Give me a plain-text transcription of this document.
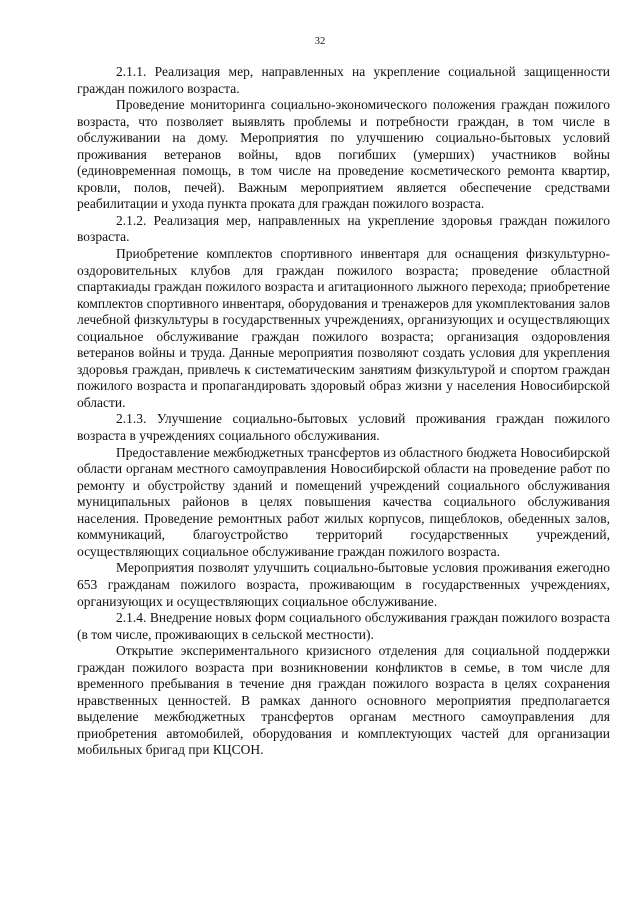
32

2.1.1. Реализация мер, направленных на укрепление социальной защищенности граждан пожилого возраста.

Проведение мониторинга социально-экономического положения граждан пожилого возраста, что позволяет выявлять проблемы и потребности граждан, в том числе в обслуживании на дому. Мероприятия по улучшению социально-бытовых условий проживания ветеранов войны, вдов погибших (умерших) участников войны (единовременная помощь, в том числе на проведение косметического ремонта квартир, кровли, полов, печей). Важным мероприятием является обеспечение средствами реабилитации и ухода пункта проката для граждан пожилого возраста.

2.1.2. Реализация мер, направленных на укрепление здоровья граждан пожилого возраста.

Приобретение комплектов спортивного инвентаря для оснащения физкультурно-оздоровительных клубов для граждан пожилого возраста; проведение областной спартакиады граждан пожилого возраста и агитационного лыжного перехода; приобретение комплектов спортивного инвентаря, оборудования и тренажеров для укомплектования залов лечебной физкультуры в государственных учреждениях, организующих и осуществляющих социальное обслуживание граждан пожилого возраста; организация оздоровления ветеранов войны и труда. Данные мероприятия позволяют создать условия для укрепления здоровья граждан, привлечь к систематическим занятиям физкультурой и спортом граждан пожилого возраста и пропагандировать здоровый образ жизни у населения Новосибирской области.

2.1.3. Улучшение социально-бытовых условий проживания граждан пожилого возраста в учреждениях социального обслуживания.

Предоставление межбюджетных трансфертов из областного бюджета Новосибирской области органам местного самоуправления Новосибирской области на проведение работ по ремонту и обустройству зданий и помещений учреждений социального обслуживания муниципальных районов в целях повышения качества социального обслуживания населения. Проведение ремонтных работ жилых корпусов, пищеблоков, обеденных залов, коммуникаций, благоустройство территорий государственных учреждений, осуществляющих социальное обслуживание граждан пожилого возраста.

Мероприятия позволят улучшить социально-бытовые условия проживания ежегодно 653 гражданам пожилого возраста, проживающим в государственных учреждениях, организующих и осуществляющих социальное обслуживание.

2.1.4. Внедрение новых форм социального обслуживания граждан пожилого возраста (в том числе, проживающих в сельской местности).

Открытие экспериментального кризисного отделения для социальной поддержки граждан пожилого возраста при возникновении конфликтов в семье, в том числе для временного пребывания в течение дня граждан пожилого возраста в целях сохранения нравственных ценностей. В рамках данного основного мероприятия предполагается выделение межбюджетных трансфертов органам местного самоуправления для приобретения автомобилей, оборудования и комплектующих частей для организации мобильных бригад при КЦСОН.
